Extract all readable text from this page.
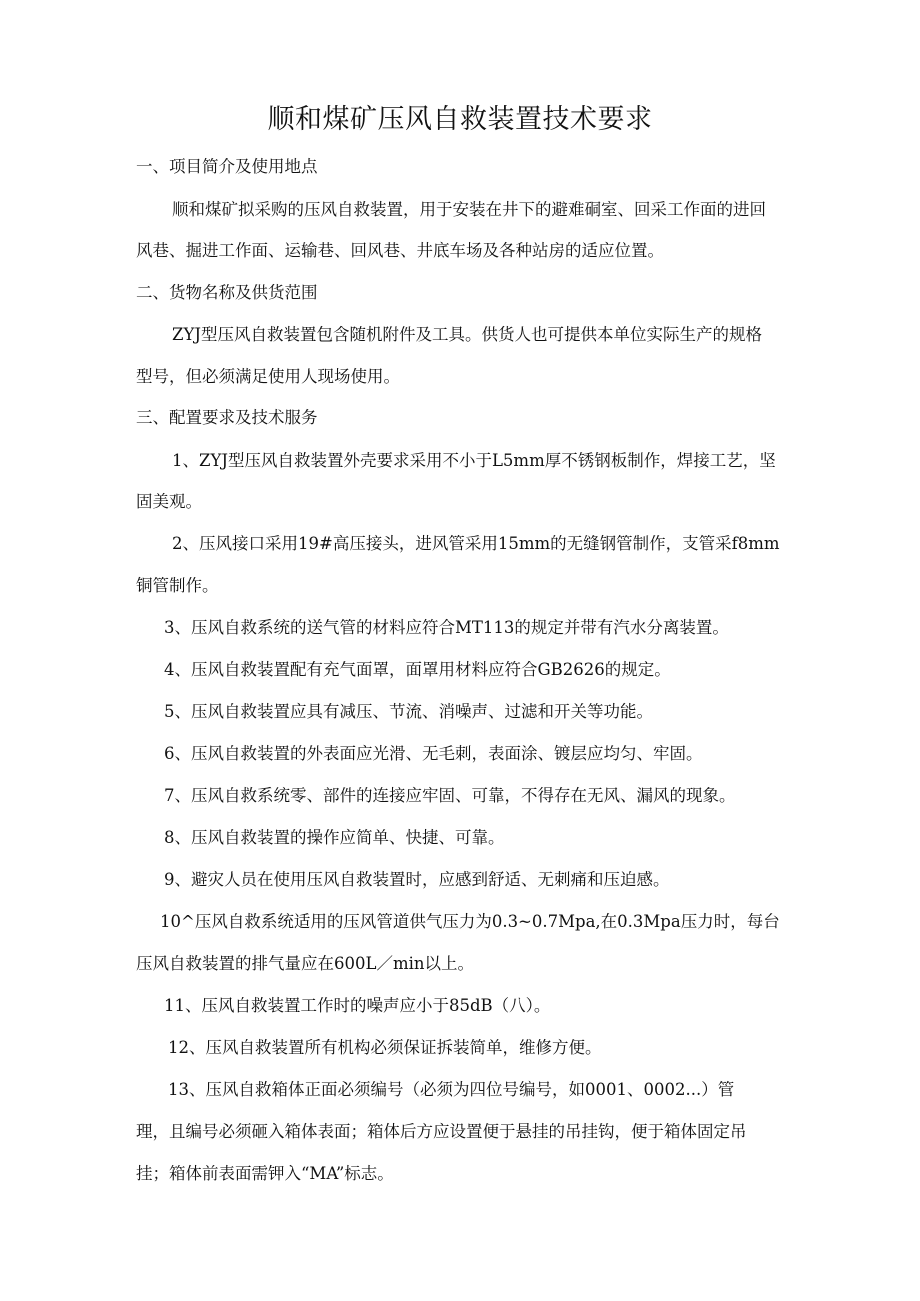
顺和煤矿压风自救装置技术要求

一、项目简介及使用地点

顺和煤矿拟采购的压风自救装置，用于安装在井下的避难硐室、回采工作面的进回

风巷、掘进工作面、运输巷、回风巷、井底车场及各种站房的适应位置。

二、货物名称及供货范围

ZYJ型压风自救装置包含随机附件及工具。供货人也可提供本单位实际生产的规格

型号，但必须满足使用人现场使用。

三、配置要求及技术服务

1、ZYJ型压风自救装置外壳要求采用不小于L5mm厚不锈钢板制作，焊接工艺，坚

固美观。

2、压风接口采用19#高压接头，进风管采用15mm的无缝钢管制作，支管采f8mm

铜管制作。

3、压风自救系统的送气管的材料应符合MT113的规定并带有汽水分离装置。

4、压风自救装置配有充气面罩，面罩用材料应符合GB2626的规定。

5、压风自救装置应具有减压、节流、消噪声、过滤和开关等功能。

6、压风自救装置的外表面应光滑、无毛刺，表面涂、镀层应均匀、牢固。

7、压风自救系统零、部件的连接应牢固、可靠，不得存在无风、漏风的现象。

8、压风自救装置的操作应简单、快捷、可靠。

9、避灾人员在使用压风自救装置时，应感到舒适、无刺痛和压迫感。

10^压风自救系统适用的压风管道供气压力为0.3~0.7Mpa,在0.3Mpa压力时，每台

压风自救装置的排气量应在600L／min以上。

11、压风自救装置工作时的噪声应小于85dB（八）。

12、压风自救装置所有机构必须保证拆装简单，维修方便。

13、压风自救箱体正面必须编号（必须为四位号编号，如0001、0002...）管

理，且编号必须砸入箱体表面；箱体后方应设置便于悬挂的吊挂钩，便于箱体固定吊

挂；箱体前表面需钾入“MA”标志。
